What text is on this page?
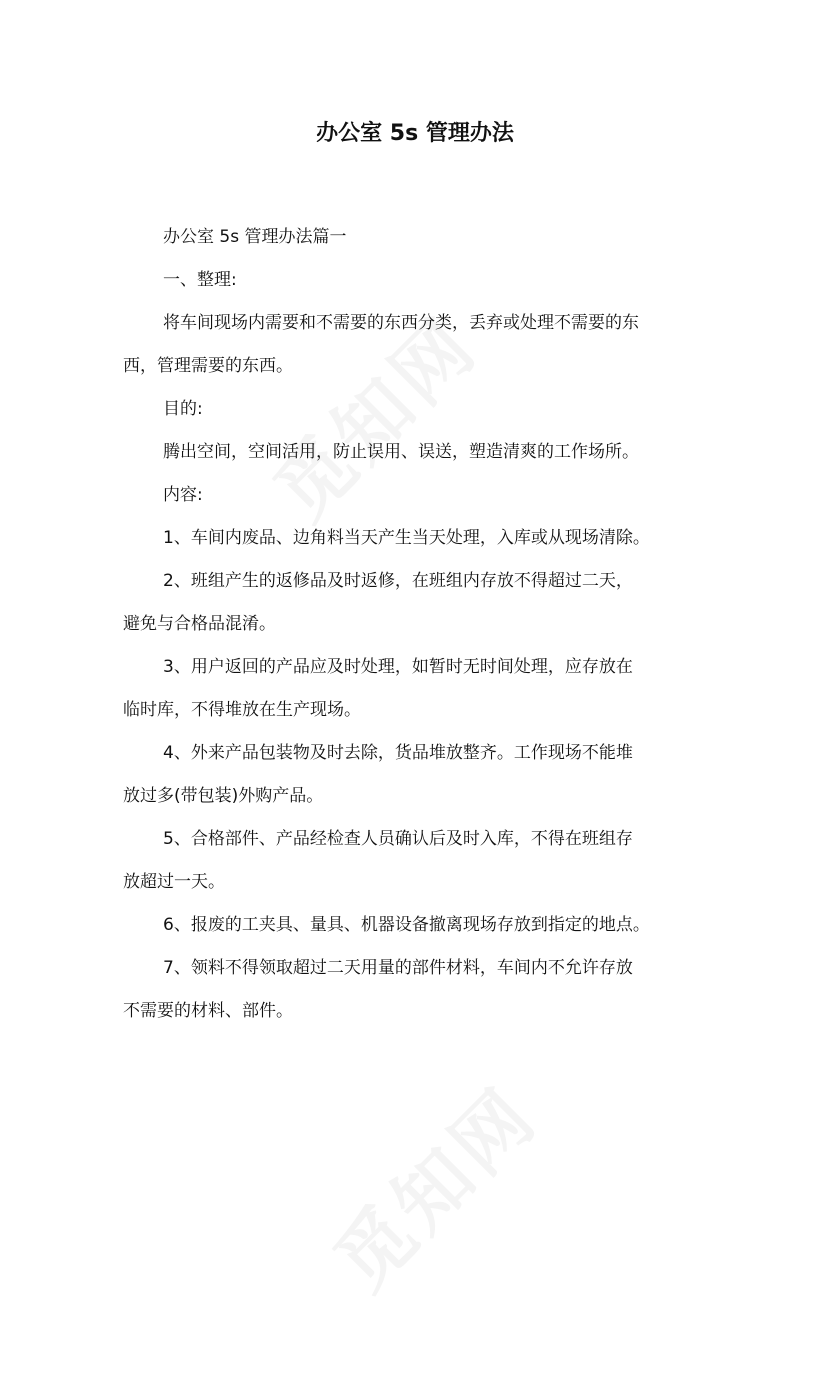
办公室 5s 管理办法

办公室 5s 管理办法篇一

一、整理:

将车间现场内需要和不需要的东西分类，丢弃或处理不需要的东
西，管理需要的东西。
目的:
腾出空间，空间活用，防止误用、误送，塑造清爽的工作场所。
内容:
1、车间内废品、边角料当天产生当天处理，入库或从现场清除。
2、班组产生的返修品及时返修，在班组内存放不得超过二天，
避免与合格品混淆。
3、用户返回的产品应及时处理，如暂时无时间处理，应存放在
临时库，不得堆放在生产现场。
4、外来产品包装物及时去除，货品堆放整齐。工作现场不能堆
放过多(带包装)外购产品。
5、合格部件、产品经检查人员确认后及时入库，不得在班组存
放超过一天。
6、报废的工夹具、量具、机器设备撤离现场存放到指定的地点。
7、领料不得领取超过二天用量的部件材料，车间内不允许存放
不需要的材料、部件。
